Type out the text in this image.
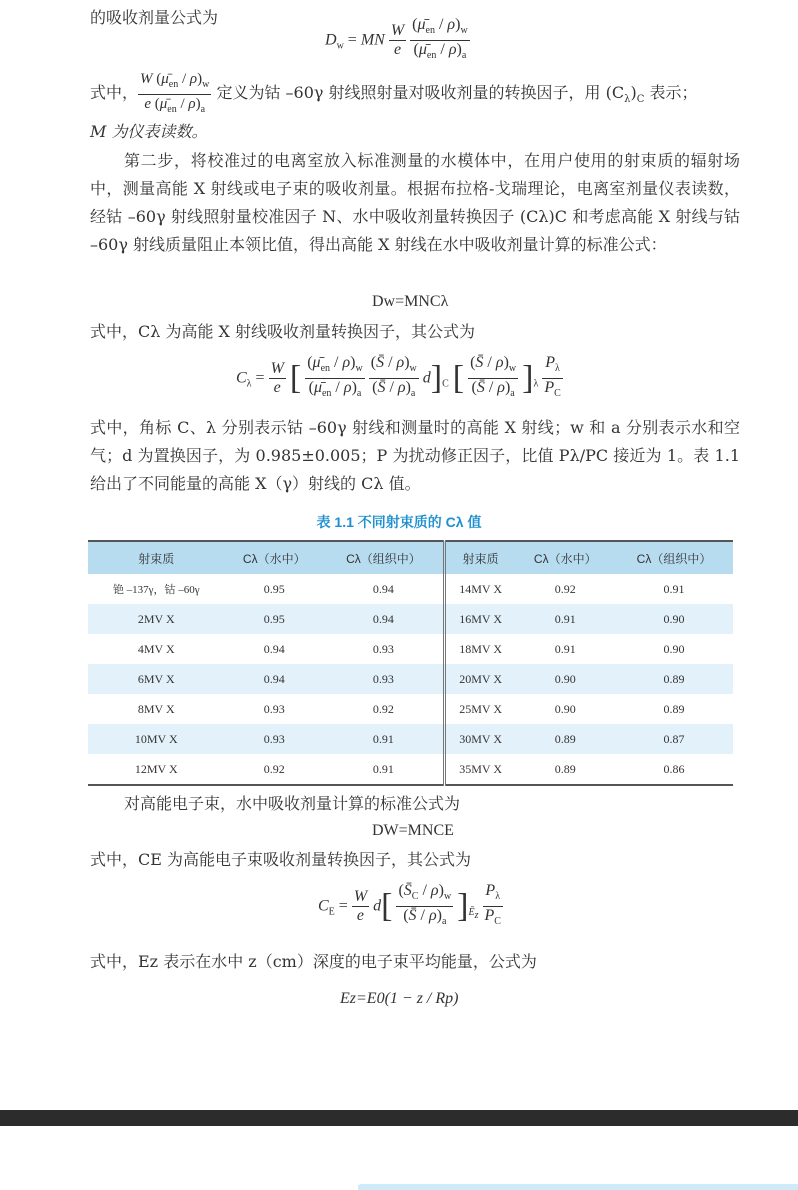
的吸收剂量公式为
$D_w$ = MN $\frac{W}{e}$
$\frac{(\mū_{en} / \rho)_w}{(\mū_{en} / \rho)_a}$
式中， $\frac{W (\mū_{en} / \rho)_w}{e (\mū_{en} / \rho)_a}$ 定义为钴 –60γ 射线照射量对吸收剂量的转换因子，用 $(C_\lambda)_C$ 表示；
M 为仪表读数。
第二步，将校准过的电离室放入标准测量的水模体中，在用户使用的射束质的辐射场中，测量高能 X 射线或电子束的吸收剂量。根据布拉格-戈瑞理论，电离室剂量仪表读数，经钴 –60γ 射线照射量校准因子 N、水中吸收剂量转换因子 (Cλ)C 和考虑高能 X 射线与钴 –60γ 射线质量阻止本领比值，得出高能 X 射线在水中吸收剂量计算的标准公式：
Dw=MNCλ
式中，Cλ 为高能 X 射线吸收剂量转换因子，其公式为
$C_\lambda = \frac{W}{e}$ [ $\frac{(\mū_{en} / \rho)_w}{(\mū_{en} / \rho)_a}$
$\frac{(S̄ / \rho)_w}{(S̄ / \rho)_a} d]_C$ [ $\frac{(S̄ / \rho)_w}{(S̄ / \rho)_a} ]_\lambda \frac{P_\lambda}{P_C}$
式中，角标 C、λ 分别表示钴 –60γ 射线和测量时的高能 X 射线；w 和 a 分别表示水和空气；d 为置换因子，为 0.985±0.005；P 为扰动修正因子，比值 Pλ/PC 接近为 1。表 1.1 给出了不同能量的高能 X（γ）射线的 Cλ 值。
表 1.1 不同射束质的 Cλ 值
射束质	Cλ（水中）	Cλ（组织中）	射束质	Cλ（水中）	Cλ（组织中）
铯 –137γ，钴 –60γ	0.95	0.94	14MV X	0.92	0.91
2MV X	0.95	0.94	16MV X	0.91	0.90
4MV X	0.94	0.93	18MV X	0.91	0.90
6MV X	0.94	0.93	20MV X	0.90	0.89
8MV X	0.93	0.92	25MV X	0.90	0.89
10MV X	0.93	0.91	30MV X	0.89	0.87
12MV X	0.92	0.91	35MV X	0.89	0.86
对高能电子束，水中吸收剂量计算的标准公式为
DW=MNCE
式中，CE 为高能电子束吸收剂量转换因子，其公式为
$C_E = \frac{W}{e} d[ \frac{(S̄_C / \rho)_w}{(S̄ / \rho)_a} ]_{Ē_z} \frac{P_\lambda}{P_C}$
式中，Ez 表示在水中 z（cm）深度的电子束平均能量，公式为
Ez=E0(1 − z / Rp)
